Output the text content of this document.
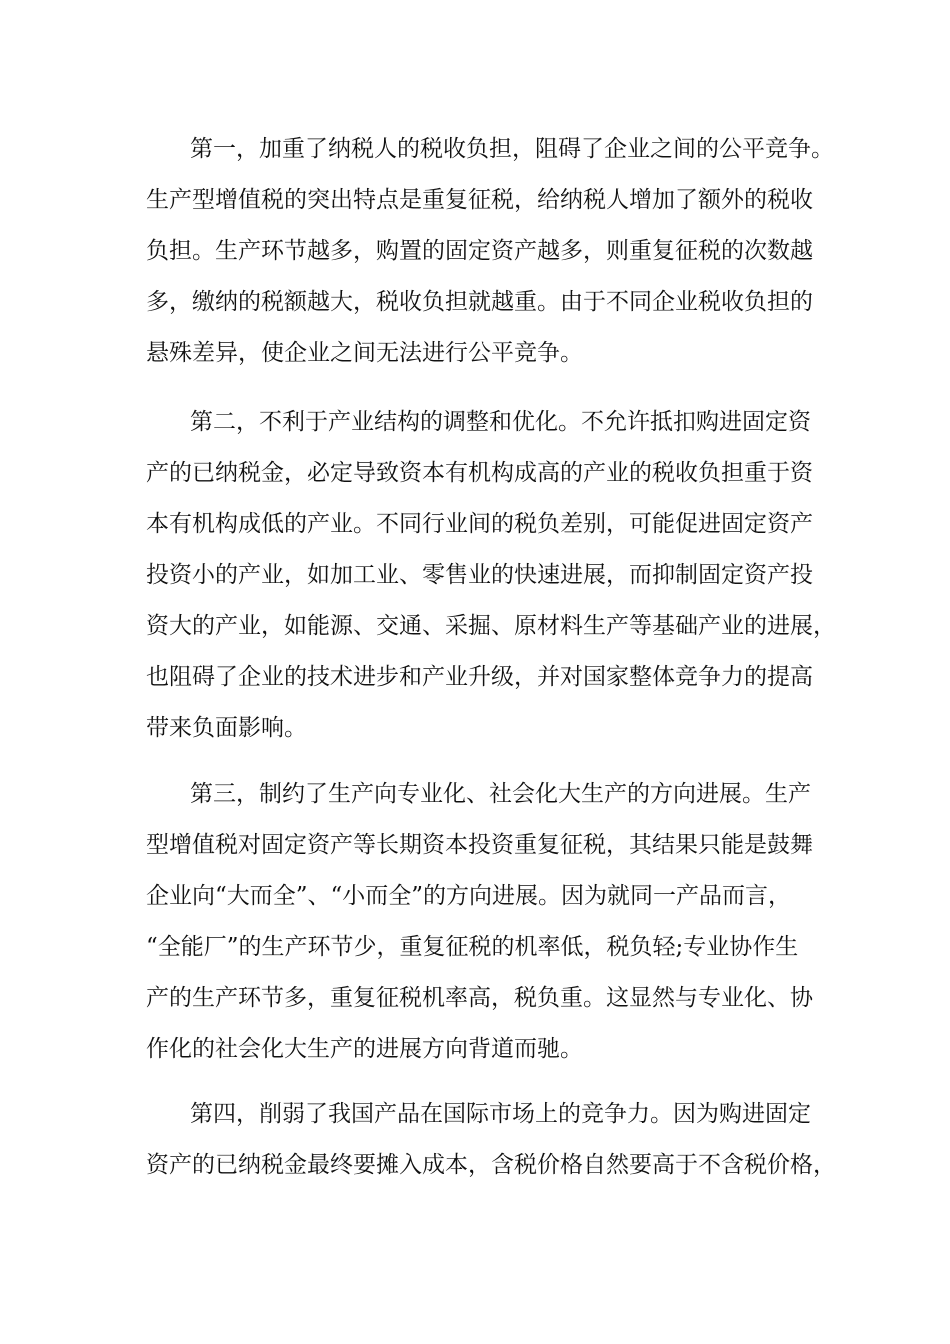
第一，加重了纳税人的税收负担，阻碍了企业之间的公平竞争。
生产型增值税的突出特点是重复征税，给纳税人增加了额外的税收
负担。生产环节越多，购置的固定资产越多，则重复征税的次数越
多，缴纳的税额越大，税收负担就越重。由于不同企业税收负担的
悬殊差异，使企业之间无法进行公平竞争。

第二，不利于产业结构的调整和优化。不允许抵扣购进固定资
产的已纳税金，必定导致资本有机构成高的产业的税收负担重于资
本有机构成低的产业。不同行业间的税负差别，可能促进固定资产
投资小的产业，如加工业、零售业的快速进展，而抑制固定资产投
资大的产业，如能源、交通、采掘、原材料生产等基础产业的进展，
也阻碍了企业的技术进步和产业升级，并对国家整体竞争力的提高
带来负面影响。

第三，制约了生产向专业化、社会化大生产的方向进展。生产
型增值税对固定资产等长期资本投资重复征税，其结果只能是鼓舞
企业向“大而全”、“小而全”的方向进展。因为就同一产品而言，
“全能厂”的生产环节少，重复征税的机率低，税负轻;专业协作生
产的生产环节多，重复征税机率高，税负重。这显然与专业化、协
作化的社会化大生产的进展方向背道而驰。

第四，削弱了我国产品在国际市场上的竞争力。因为购进固定
资产的已纳税金最终要摊入成本，含税价格自然要高于不含税价格，
